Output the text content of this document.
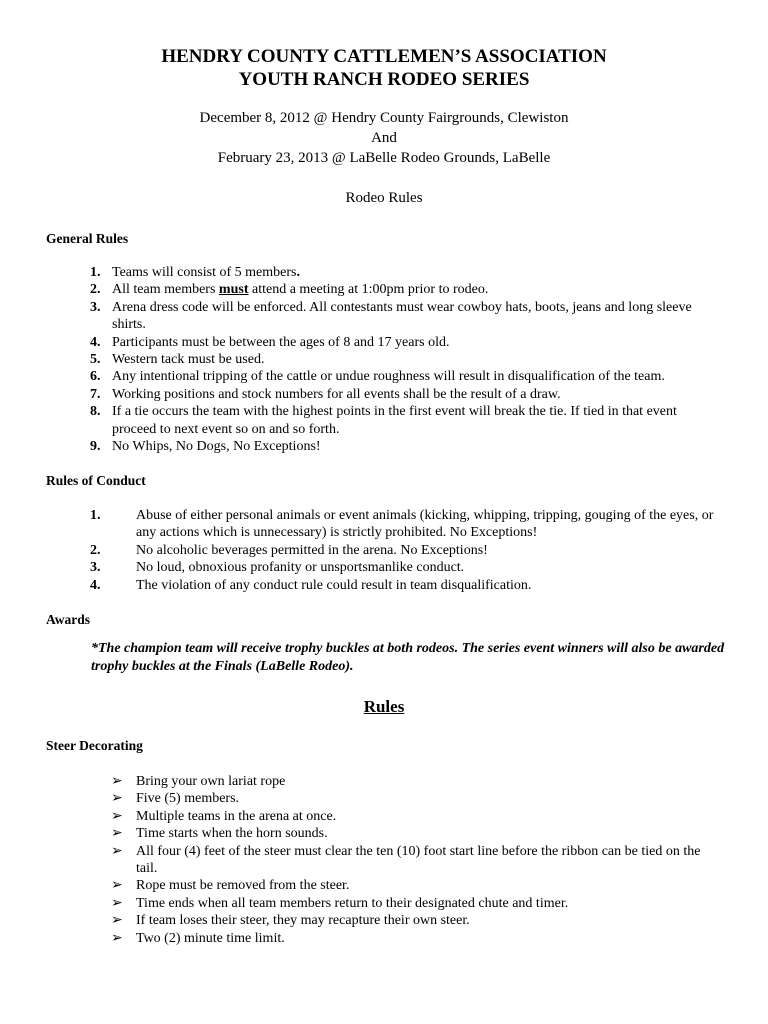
HENDRY COUNTY CATTLEMEN’S ASSOCIATION
YOUTH RANCH RODEO SERIES
December 8, 2012 @ Hendry County Fairgrounds, Clewiston
And
February 23, 2013 @ LaBelle Rodeo Grounds, LaBelle
Rodeo Rules
General Rules
1. Teams will consist of 5 members.
2. All team members must attend a meeting at 1:00pm prior to rodeo.
3. Arena dress code will be enforced. All contestants must wear cowboy hats, boots, jeans and long sleeve shirts.
4. Participants must be between the ages of 8 and 17 years old.
5. Western tack must be used.
6. Any intentional tripping of the cattle or undue roughness will result in disqualification of the team.
7. Working positions and stock numbers for all events shall be the result of a draw.
8. If a tie occurs the team with the highest points in the first event will break the tie. If tied in that event proceed to next event so on and so forth.
9. No Whips, No Dogs, No Exceptions!
Rules of Conduct
1.	Abuse of either personal animals or event animals (kicking, whipping, tripping, gouging of the eyes, or any actions which is unnecessary) is strictly prohibited. No Exceptions!
2.	No alcoholic beverages permitted in the arena. No Exceptions!
3.	No loud, obnoxious profanity or unsportsmanlike conduct.
4.	The violation of any conduct rule could result in team disqualification.
Awards
*The champion team will receive trophy buckles at both rodeos. The series event winners will also be awarded trophy buckles at the Finals (LaBelle Rodeo).
Rules
Steer Decorating
➢ Bring your own lariat rope
➢ Five (5) members.
➢ Multiple teams in the arena at once.
➢ Time starts when the horn sounds.
➢ All four (4) feet of the steer must clear the ten (10) foot start line before the ribbon can be tied on the tail.
➢ Rope must be removed from the steer.
➢ Time ends when all team members return to their designated chute and timer.
➢ If team loses their steer, they may recapture their own steer.
➢ Two (2) minute time limit.
